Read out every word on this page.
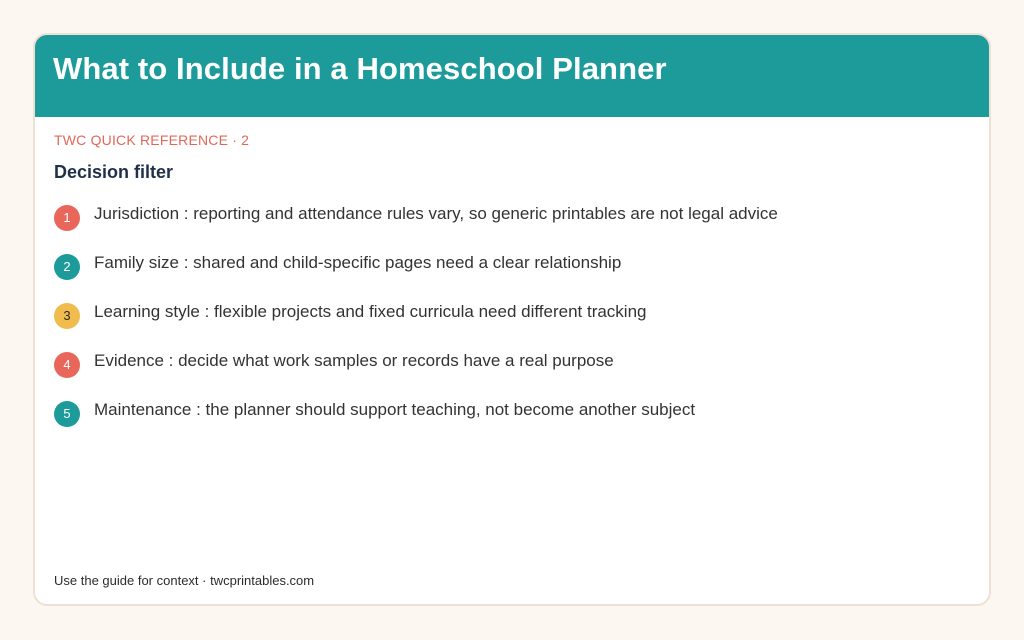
What to Include in a Homeschool Planner
TWC QUICK REFERENCE · 2
Decision filter
1	Jurisdiction : reporting and attendance rules vary, so generic printables are not legal advice
2	Family size : shared and child-specific pages need a clear relationship
3	Learning style : flexible projects and fixed curricula need different tracking
4	Evidence : decide what work samples or records have a real purpose
5	Maintenance : the planner should support teaching, not become another subject
Use the guide for context · twcprintables.com
